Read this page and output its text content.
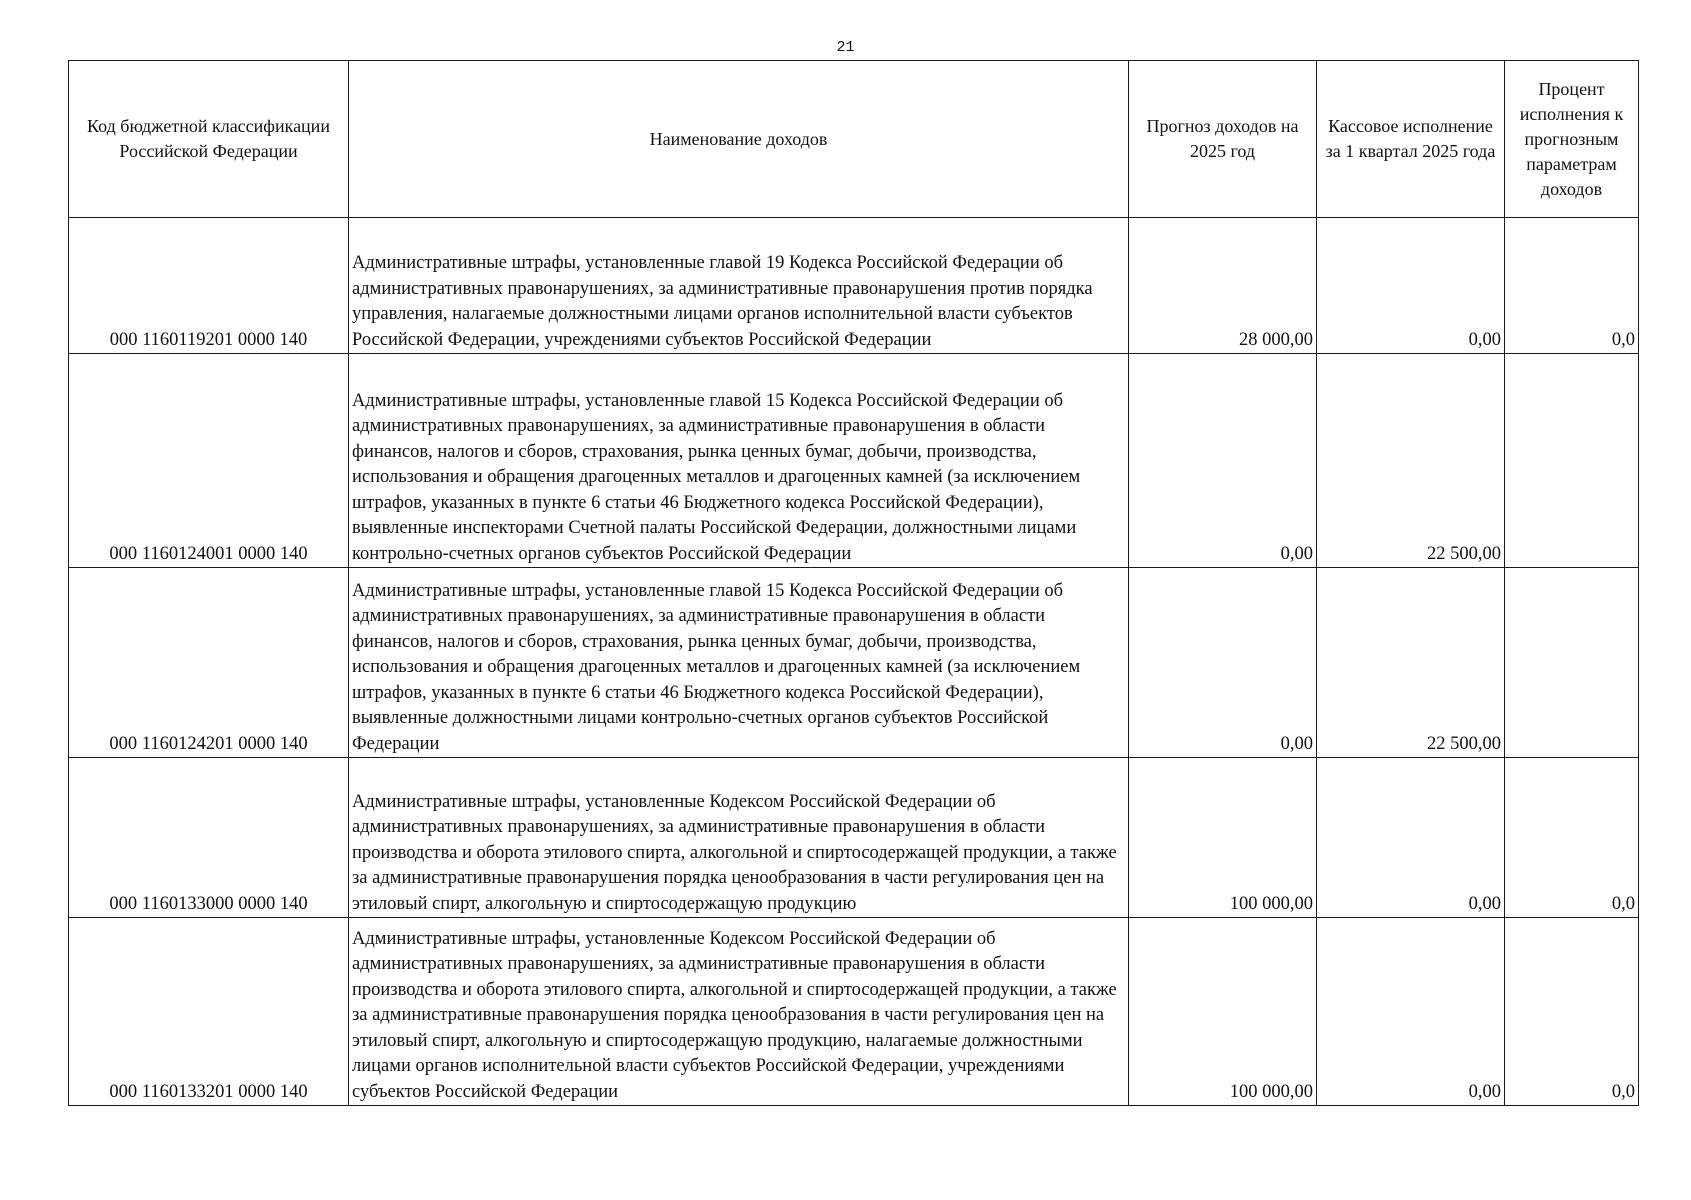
21
Код бюджетной классификации Российской Федерации	Наименование доходов	Прогноз доходов на 2025 год	Кассовое исполнение за 1 квартал 2025 года	Процент исполнения к прогнозным параметрам доходов
000 1160119201 0000 140	Административные штрафы, установленные главой 19 Кодекса Российской Федерации об административных правонарушениях, за административные правонарушения против порядка управления, налагаемые должностными лицами органов исполнительной власти субъектов Российской Федерации, учреждениями субъектов Российской Федерации	28 000,00	0,00	0,0
000 1160124001 0000 140	Административные штрафы, установленные главой 15 Кодекса Российской Федерации об административных правонарушениях, за административные правонарушения в области финансов, налогов и сборов, страхования, рынка ценных бумаг, добычи, производства, использования и обращения драгоценных металлов и драгоценных камней (за исключением штрафов, указанных в пункте 6 статьи 46 Бюджетного кодекса Российской Федерации), выявленные инспекторами Счетной палаты Российской Федерации, должностными лицами контрольно-счетных органов субъектов Российской Федерации	0,00	22 500,00	
000 1160124201 0000 140	Административные штрафы, установленные главой 15 Кодекса Российской Федерации об административных правонарушениях, за административные правонарушения в области финансов, налогов и сборов, страхования, рынка ценных бумаг, добычи, производства, использования и обращения драгоценных металлов и драгоценных камней (за исключением штрафов, указанных в пункте 6 статьи 46 Бюджетного кодекса Российской Федерации), выявленные должностными лицами контрольно-счетных органов субъектов Российской Федерации	0,00	22 500,00	
000 1160133000 0000 140	Административные штрафы, установленные Кодексом Российской Федерации об административных правонарушениях, за административные правонарушения в области производства и оборота этилового спирта, алкогольной и спиртосодержащей продукции, а также за административные правонарушения порядка ценообразования в части регулирования цен на этиловый спирт, алкогольную и спиртосодержащую продукцию	100 000,00	0,00	0,0
000 1160133201 0000 140	Административные штрафы, установленные Кодексом Российской Федерации об административных правонарушениях, за административные правонарушения в области производства и оборота этилового спирта, алкогольной и спиртосодержащей продукции, а также за административные правонарушения порядка ценообразования в части регулирования цен на этиловый спирт, алкогольную и спиртосодержащую продукцию, налагаемые должностными лицами органов исполнительной власти субъектов Российской Федерации, учреждениями субъектов Российской Федерации	100 000,00	0,00	0,0
